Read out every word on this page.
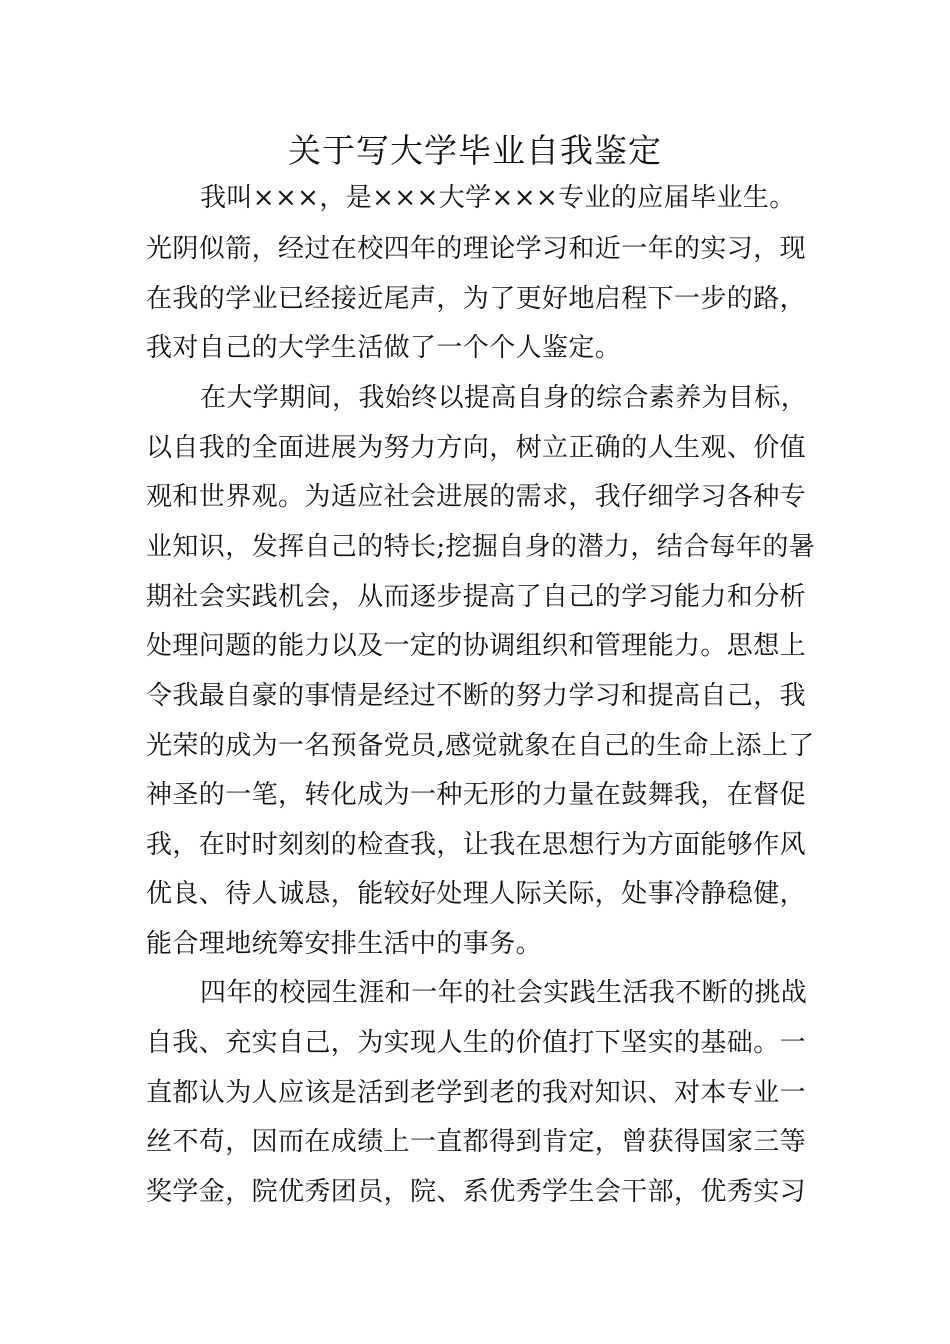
关于写大学毕业自我鉴定
我叫×××，是×××大学×××专业的应届毕业生。
光阴似箭，经过在校四年的理论学习和近一年的实习，现
在我的学业已经接近尾声，为了更好地启程下一步的路，
我对自己的大学生活做了一个个人鉴定。
在大学期间，我始终以提高自身的综合素养为目标，
以自我的全面进展为努力方向，树立正确的人生观、价值
观和世界观。为适应社会进展的需求，我仔细学习各种专
业知识，发挥自己的特长;挖掘自身的潜力，结合每年的暑
期社会实践机会，从而逐步提高了自己的学习能力和分析
处理问题的能力以及一定的协调组织和管理能力。思想上
令我最自豪的事情是经过不断的努力学习和提高自己，我
光荣的成为一名预备党员,感觉就象在自己的生命上添上了
神圣的一笔，转化成为一种无形的力量在鼓舞我，在督促
我，在时时刻刻的检查我，让我在思想行为方面能够作风
优良、待人诚恳，能较好处理人际关际，处事冷静稳健，
能合理地统筹安排生活中的事务。
四年的校园生涯和一年的社会实践生活我不断的挑战
自我、充实自己，为实现人生的价值打下坚实的基础。一
直都认为人应该是活到老学到老的我对知识、对本专业一
丝不苟，因而在成绩上一直都得到肯定，曾获得国家三等
奖学金，院优秀团员，院、系优秀学生会干部，优秀实习
